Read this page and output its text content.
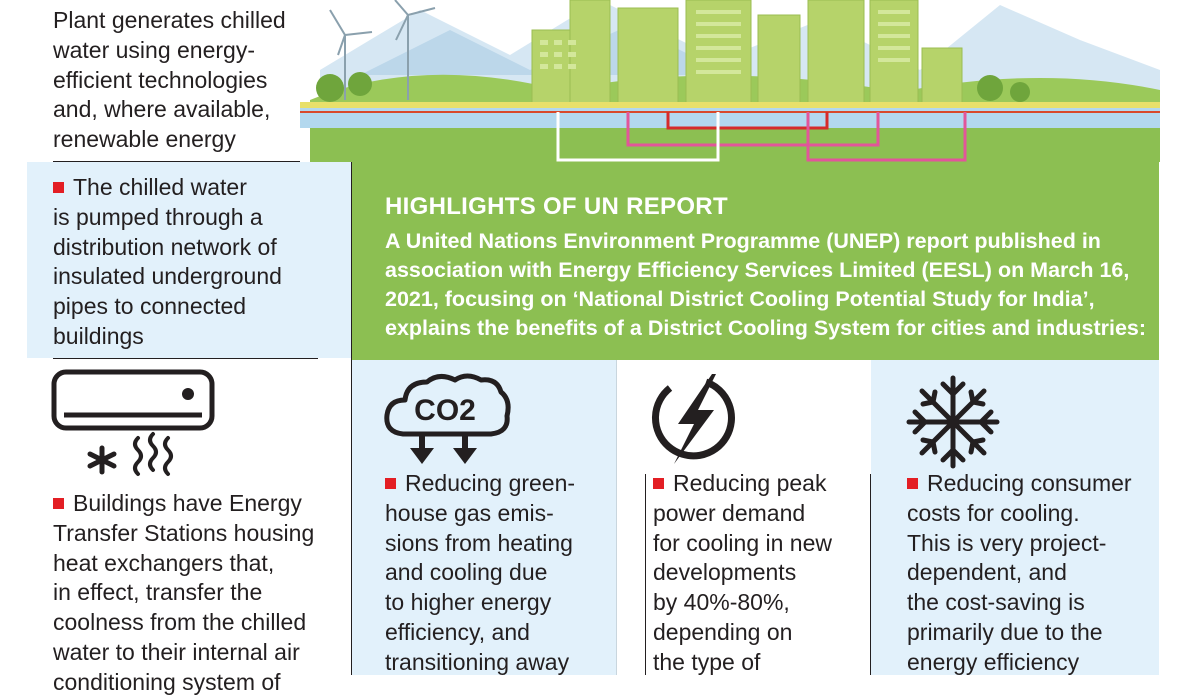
Plant generates chilled
water using energy-
efficient technologies
and, where available,
renewable energy
The chilled water
is pumped through a
distribution network of
insulated underground
pipes to connected
buildings
Buildings have Energy
Transfer Stations housing
heat exchangers that,
in effect, transfer the
coolness from the chilled
water to their internal air
conditioning system of
HIGHLIGHTS OF UN REPORT
A United Nations Environment Programme (UNEP) report published in
association with Energy Efficiency Services Limited (EESL) on March 16,
2021, focusing on ‘National District Cooling Potential Study for India’,
explains the benefits of a District Cooling System for cities and industries:
CO2
Reducing green-
house gas emis-
sions from heating
and cooling due
to higher energy
efficiency, and
transitioning away
Reducing peak
power demand
for cooling in new
developments
by 40%-80%,
depending on
the type of
Reducing consumer
costs for cooling.
This is very project-
dependent, and
the cost-saving is
primarily due to the
energy efficiency
